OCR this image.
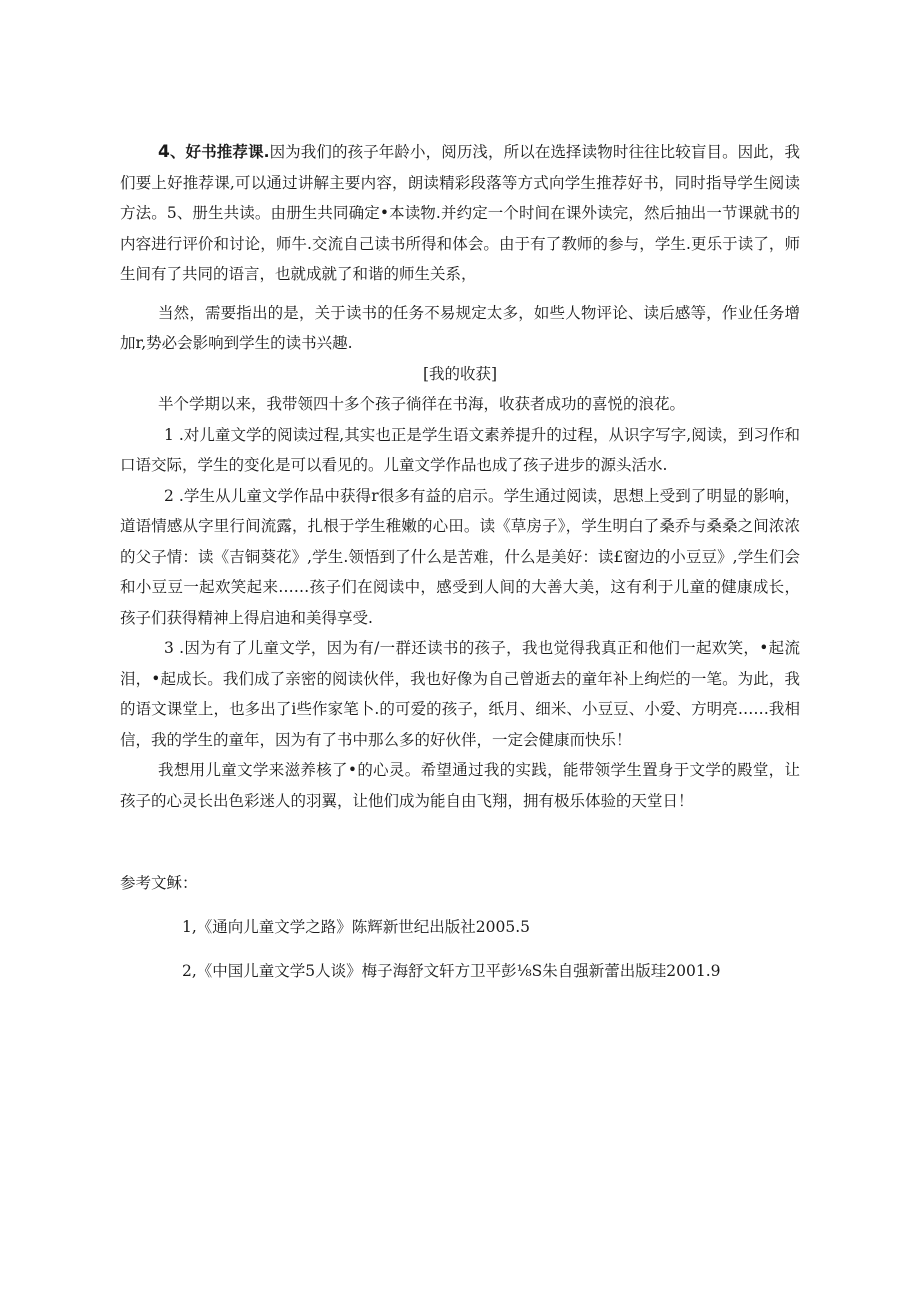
4、好书推荐课.因为我们的孩子年龄小，阅历浅，所以在选择读物时往往比较盲目。因此，我们要上好推荐课,可以通过讲解主要内容，朗读精彩段落等方式向学生推荐好书，同时指导学生阅读方法。5、册生共读。由册生共同确定•本读物.并约定一个时间在课外读完，然后抽出一节课就书的内容进行评价和讨论，师牛.交流自己读书所得和体会。由于有了教师的参与，学生.更乐于读了，师生间有了共同的语言，也就成就了和谐的师生关系，

当然，需要指出的是，关于读书的任务不易规定太多，如些人物评论、读后感等，作业任务增加r,势必会影响到学生的读书兴趣.

[我的收获]

半个学期以来，我带领四十多个孩子徜徉在书海，收获者成功的喜悦的浪花。

1 .对儿童文学的阅读过程,其实也正是学生语文素养提升的过程，从识字写字,阅读，到习作和口语交际，学生的变化是可以看见的。儿童文学作品也成了孩子进步的源头活水.

2 .学生从儿童文学作品中获得r很多有益的启示。学生通过阅读，思想上受到了明显的影响，道语情感从字里行间流露，扎根于学生稚嫩的心田。读《草房子》，学生明白了桑乔与桑桑之间浓浓的父子情：读《吉铜葵花》,学生.领悟到了什么是苦难，什么是美好：读£窗边的小豆豆》,学生们会和小豆豆一起欢笑起来……孩子们在阅读中，感受到人间的大善大美，这有利于儿童的健康成长，孩子们获得精神上得启迪和美得享受.

3 .因为有了儿童文学，因为有/一群还读书的孩子，我也觉得我真正和他们一起欢笑，•起流泪，•起成长。我们成了亲密的阅读伙伴，我也好像为自己曾逝去的童年补上绚烂的一笔。为此，我的语文课堂上，也多出了i些作家笔卜.的可爱的孩子，纸月、细米、小豆豆、小爱、方明亮……我相信，我的学生的童年，因为有了书中那么多的好伙伴，一定会健康而快乐！

我想用儿童文学来滋养核了•的心灵。希望通过我的实践，能带领学生置身于文学的殿堂，让孩子的心灵长出色彩迷人的羽翼，让他们成为能自由飞翔，拥有极乐体验的天堂日！

参考文稣：

1,《通向儿童文学之路》陈辉新世纪出版社2005.5

2,《中国儿童文学5人谈》梅子海舒文轩方卫平彭⅛S朱自强新蕾出版珪2001.9
